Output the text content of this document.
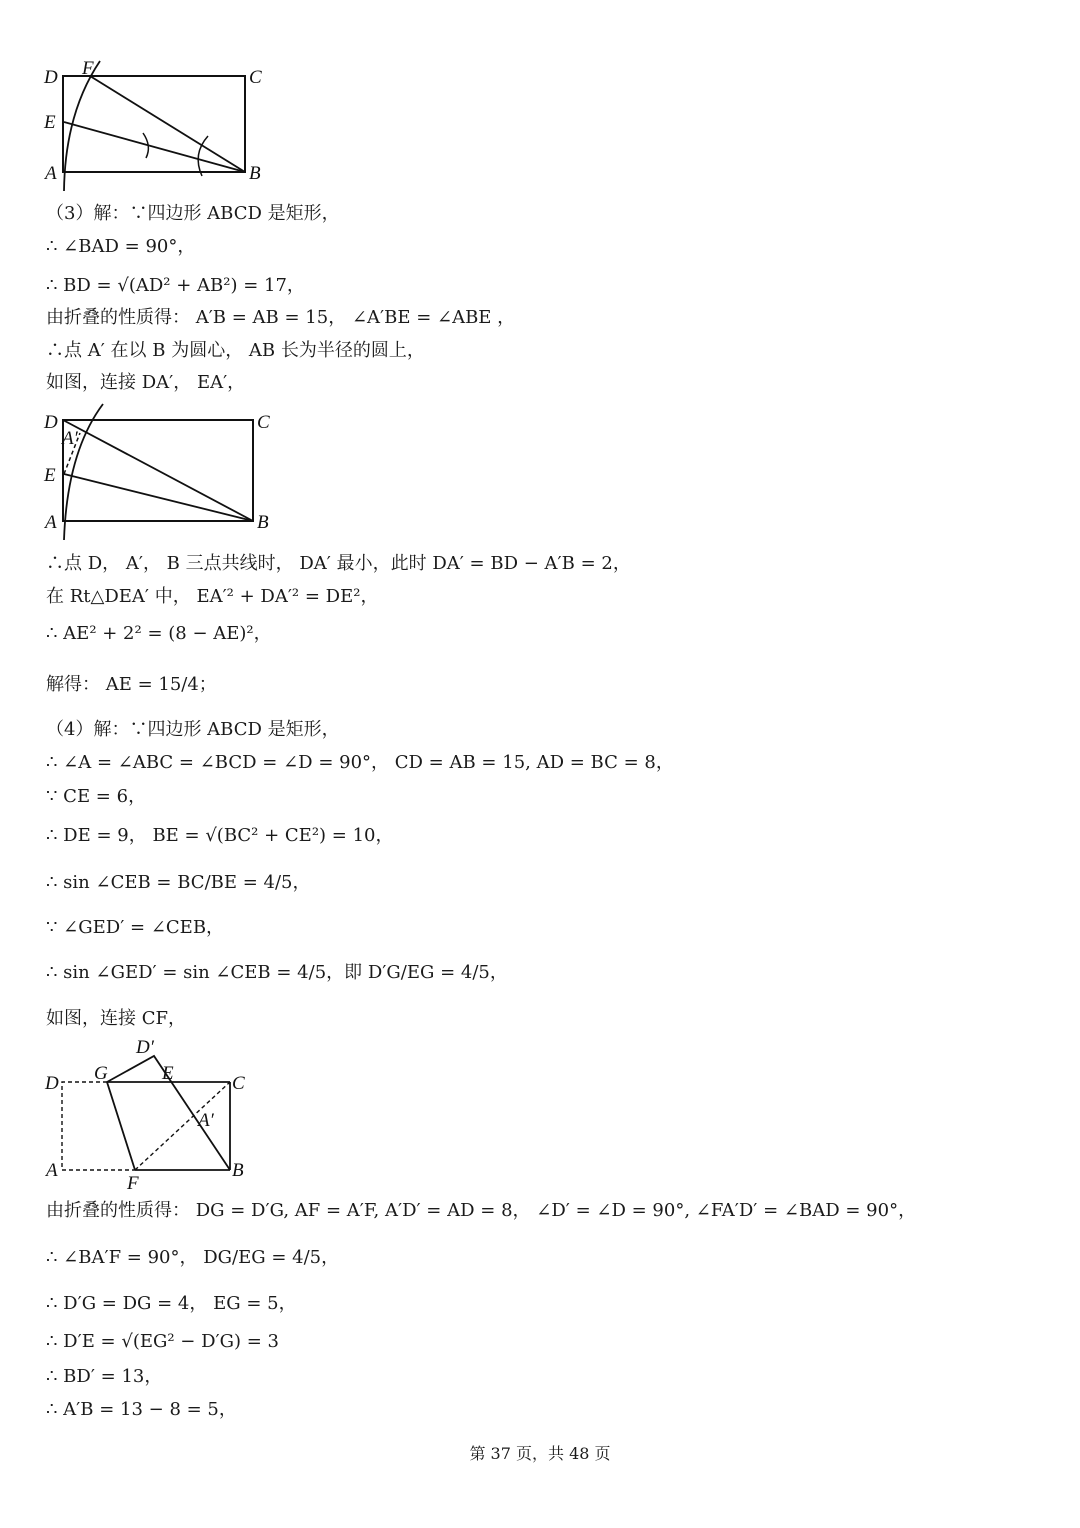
D F	C
E
A	B
D
A′
C
E
A	B
D′
D G	E	C
A′
A
F
B
（3）解：∵四边形 ABCD 是矩形，
∴ ∠BAD = 90°，
∴ BD = √(AD² + AB²) = 17，
由折叠的性质得： A′B = AB = 15， ∠A′BE = ∠ABE ，
∴点 A′ 在以 B 为圆心， AB 长为半径的圆上，
如图，连接 DA′， EA′，
∴点 D， A′， B 三点共线时， DA′ 最小，此时 DA′ = BD − A′B = 2，
在 Rt△DEA′ 中， EA′² + DA′² = DE²，
∴ AE² + 2² = (8 − AE)²，
解得： AE = 15/4；
（4）解：∵四边形 ABCD 是矩形，
∴ ∠A = ∠ABC = ∠BCD = ∠D = 90°， CD = AB = 15, AD = BC = 8，
∵ CE = 6，
∴ DE = 9， BE = √(BC² + CE²) = 10，
∴ sin ∠CEB = BC/BE = 4/5，
∵ ∠GED′ = ∠CEB，
∴ sin ∠GED′ = sin ∠CEB = 4/5，即 D′G/EG = 4/5，
如图，连接 CF，
由折叠的性质得： DG = D′G, AF = A′F, A′D′ = AD = 8， ∠D′ = ∠D = 90°, ∠FA′D′ = ∠BAD = 90°，
∴ ∠BA′F = 90°， DG/EG = 4/5，
∴ D′G = DG = 4， EG = 5，
∴ D′E = √(EG² − D′G) = 3
∴ BD′ = 13，
∴ A′B = 13 − 8 = 5，
第 37 页，共 48 页
